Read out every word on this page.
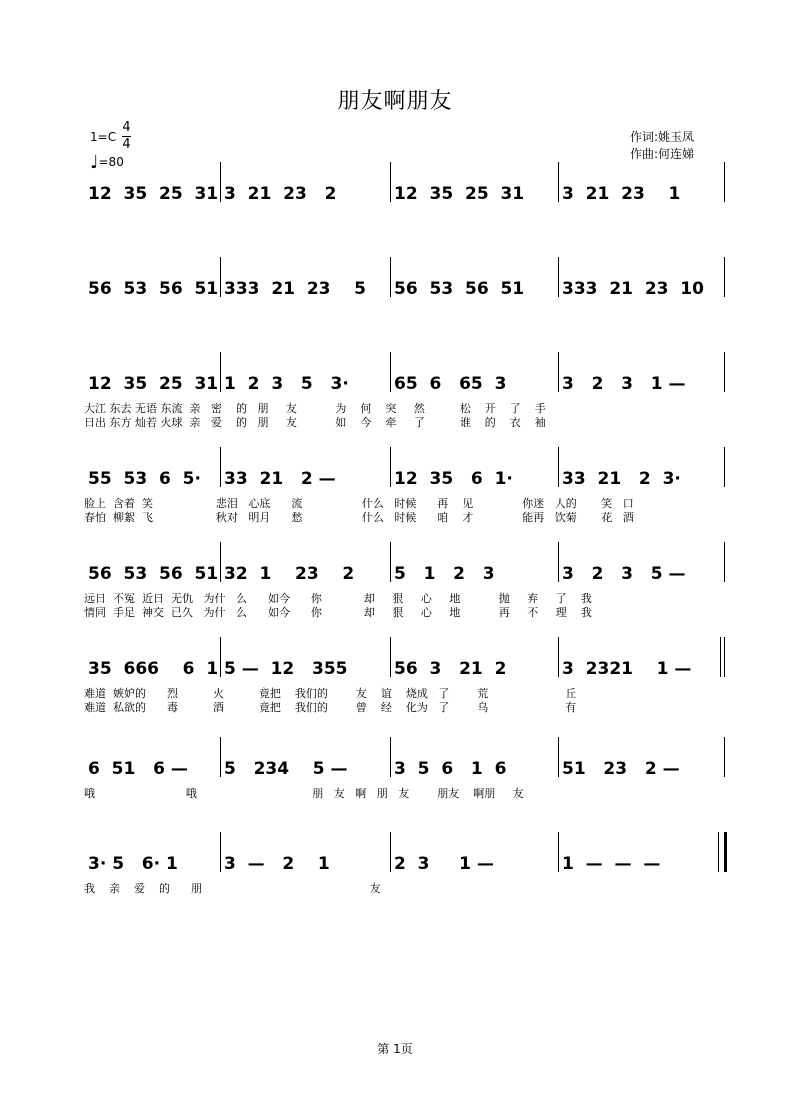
朋友啊朋友
1=C
4
4
♩=80
作词:姚玉凤
作曲:何连娣
12  35  25  31 3  21  23   2	12  35  25  31 3  21  23    1
56  53  56  51 333  21  23    5 56  53  56  51 333  21  23  10
12  35  25  31 1  2  3   5   3·	65  6   65  3	3   2   3   1 —
大江 东去 无语 东流  亲   密    的   朋     友           为    何    突     然          松    开    了    手
日出 东方 灿若 火球  亲   爱    的   朋     友           如    今    牵     了          谁    的    衣    袖
55  53  6  5· 33  21   2 —	12  35   6  1·	33  21   2  3·
脸上  含着  笑                  悲泪   心底      流                 什么   时候      再    见              你迷   人的       笑   口
春怕  柳絮  飞                  秋对   明月      愁                 什么   时候      咱    才              能再   饮菊       花   酒
56  53  56  51 32  1    23    2 5   1   2   3	3   2   3   5 —
远日  不冤  近日  无仇   为什   么      如今      你            却     狠     心     地           抛     弃     了    我
情同  手足  神交  已久   为什   么      如今      你            却     狠     心     地           再     不     理    我
35  666    6  1 5 —  12   355	56  3   21  2	3  2321    1 —
难道  嫉妒的      烈          火          竟把    我们的        友    谊    烧成   了        荒                      丘
难道  私欲的      毒          酒          竟把    我们的        曾    经    化为   了        乌                      有
6  51   6 — 5   234    5 —	3  5  6   1  6	51   23   2 —
哦                          哦                                 朋   友   啊   朋   友        朋友    啊朋     友
3· 5   6· 1	3  —   2    1	2  3     1 —	1  —  —  —
我    亲    爱    的      朋                                                友
第 1页
